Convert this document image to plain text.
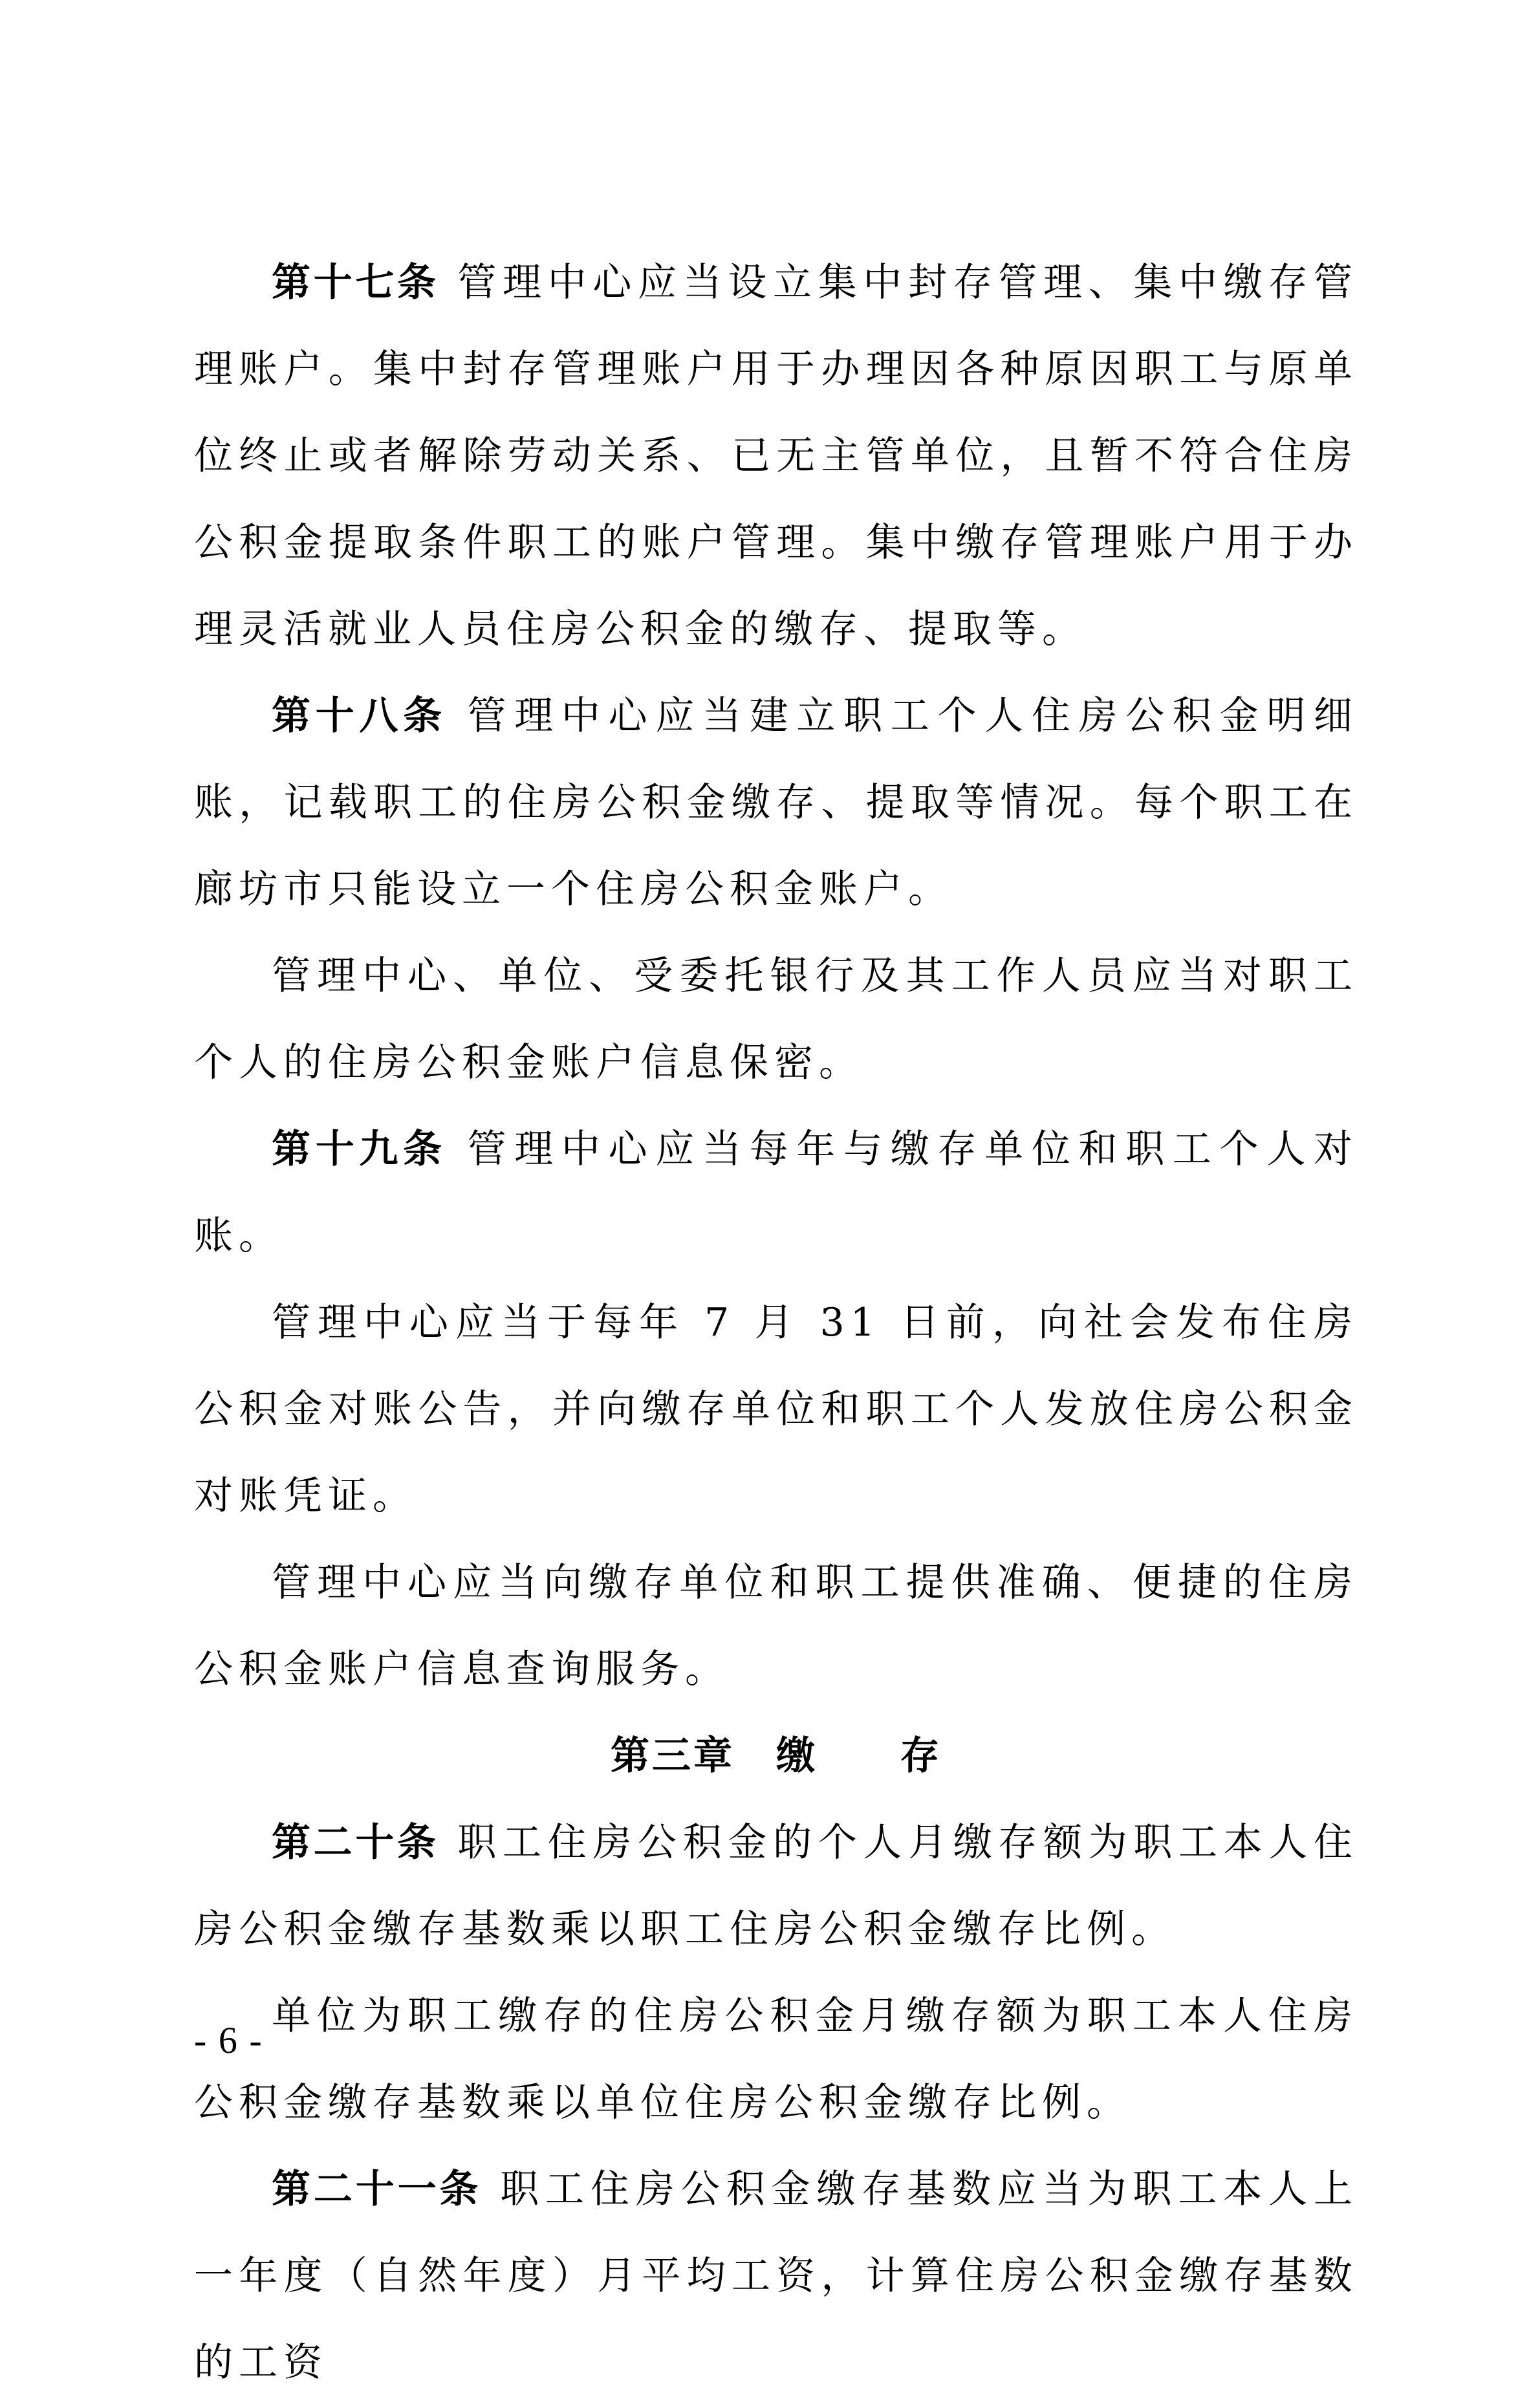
第十七条 管理中心应当设立集中封存管理、集中缴存管理账户。集中封存管理账户用于办理因各种原因职工与原单位终止或者解除劳动关系、已无主管单位，且暂不符合住房公积金提取条件职工的账户管理。集中缴存管理账户用于办理灵活就业人员住房公积金的缴存、提取等。

第十八条 管理中心应当建立职工个人住房公积金明细账，记载职工的住房公积金缴存、提取等情况。每个职工在廊坊市只能设立一个住房公积金账户。

管理中心、单位、受委托银行及其工作人员应当对职工个人的住房公积金账户信息保密。

第十九条 管理中心应当每年与缴存单位和职工个人对账。

管理中心应当于每年 7 月 31 日前，向社会发布住房公积金对账公告，并向缴存单位和职工个人发放住房公积金对账凭证。

管理中心应当向缴存单位和职工提供准确、便捷的住房公积金账户信息查询服务。

第三章　缴　　存

第二十条 职工住房公积金的个人月缴存额为职工本人住房公积金缴存基数乘以职工住房公积金缴存比例。

单位为职工缴存的住房公积金月缴存额为职工本人住房公积金缴存基数乘以单位住房公积金缴存比例。

第二十一条 职工住房公积金缴存基数应当为职工本人上一年度（自然年度）月平均工资，计算住房公积金缴存基数的工资

- 6 -
